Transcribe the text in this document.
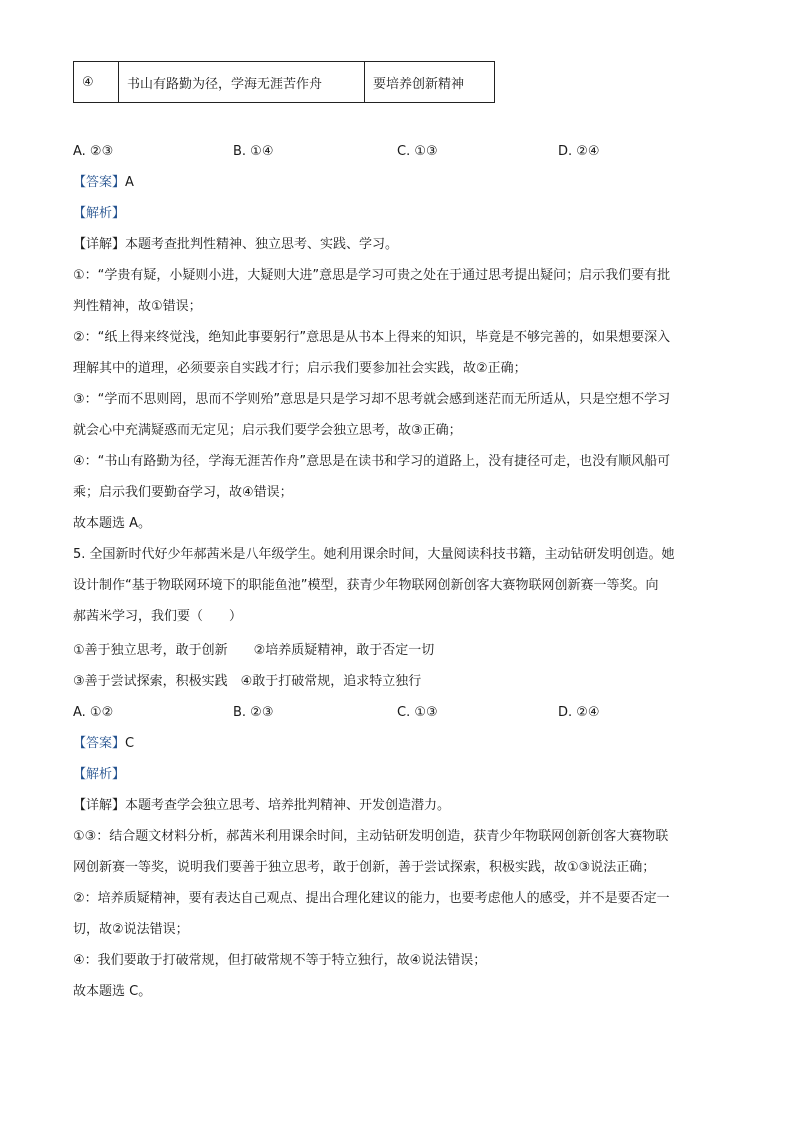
④	书山有路勤为径，学海无涯苦作舟	要培养创新精神
A. ②③	B. ①④	C. ①③	D. ②④
【答案】A
【解析】
【详解】本题考查批判性精神、独立思考、实践、学习。
①：“学贵有疑，小疑则小进，大疑则大进”意思是学习可贵之处在于通过思考提出疑问；启示我们要有批
判性精神，故①错误；
②：“纸上得来终觉浅，绝知此事要躬行”意思是从书本上得来的知识，毕竟是不够完善的，如果想要深入
理解其中的道理，必须要亲自实践才行；启示我们要参加社会实践，故②正确；
③：“学而不思则罔，思而不学则殆”意思是只是学习却不思考就会感到迷茫而无所适从，只是空想不学习
就会心中充满疑惑而无定见；启示我们要学会独立思考，故③正确；
④：“书山有路勤为径，学海无涯苦作舟”意思是在读书和学习的道路上，没有捷径可走，也没有顺风船可
乘；启示我们要勤奋学习，故④错误；
故本题选 A。
5. 全国新时代好少年郝茜米是八年级学生。她利用课余时间，大量阅读科技书籍，主动钻研发明创造。她
设计制作“基于物联网环境下的职能鱼池”模型，获青少年物联网创新创客大赛物联网创新赛一等奖。向
郝茜米学习，我们要（　　）
①善于独立思考，敢于创新　　②培养质疑精神，敢于否定一切
③善于尝试探索，积极实践　④敢于打破常规，追求特立独行
A. ①②	B. ②③	C. ①③	D. ②④
【答案】C
【解析】
【详解】本题考查学会独立思考、培养批判精神、开发创造潜力。
①③：结合题文材料分析，郝茜米利用课余时间，主动钻研发明创造，获青少年物联网创新创客大赛物联
网创新赛一等奖，说明我们要善于独立思考，敢于创新，善于尝试探索，积极实践，故①③说法正确；
②：培养质疑精神，要有表达自己观点、提出合理化建议的能力，也要考虑他人的感受，并不是要否定一
切，故②说法错误；
④：我们要敢于打破常规，但打破常规不等于特立独行，故④说法错误；
故本题选 C。
